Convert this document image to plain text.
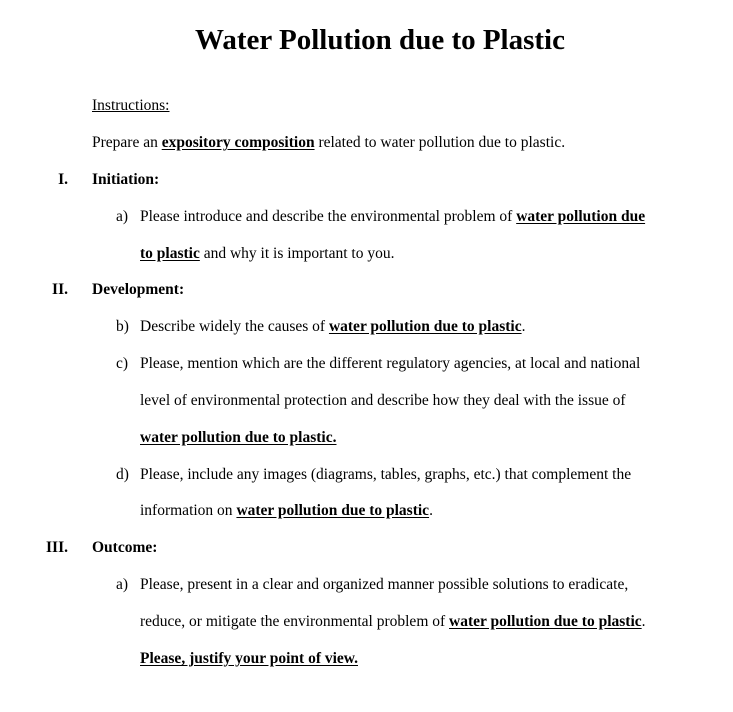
Water Pollution due to Plastic
Instructions:
Prepare an expository composition related to water pollution due to plastic.
I. Initiation:
a) Please introduce and describe the environmental problem of water pollution due
to plastic and why it is important to you.
II. Development:
b) Describe widely the causes of water pollution due to plastic.
c) Please, mention which are the different regulatory agencies, at local and national
level of environmental protection and describe how they deal with the issue of
water pollution due to plastic.
d) Please, include any images (diagrams, tables, graphs, etc.) that complement the
information on water pollution due to plastic.
III. Outcome:
a) Please, present in a clear and organized manner possible solutions to eradicate,
reduce, or mitigate the environmental problem of water pollution due to plastic.
Please, justify your point of view.
